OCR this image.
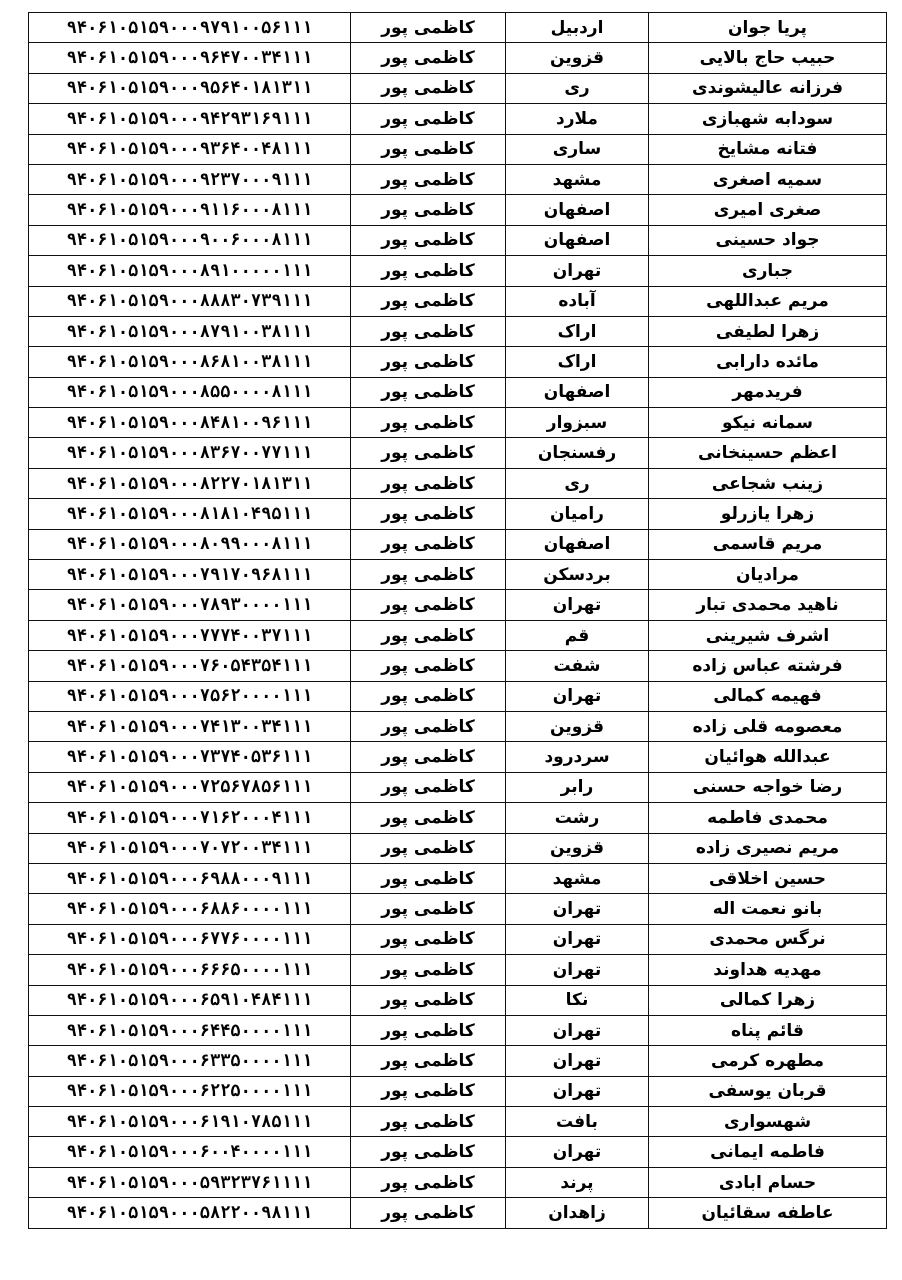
پریا جوان	اردبیل	کاظمی پور	۹۴۰۶۱۰۵۱۵۹۰۰۰۹۷۹۱۰۰۵۶۱۱۱
حبیب حاج بالایی	قزوین	کاظمی پور	۹۴۰۶۱۰۵۱۵۹۰۰۰۹۶۴۷۰۰۳۴۱۱۱
فرزانه عالیشوندی	ری	کاظمی پور	۹۴۰۶۱۰۵۱۵۹۰۰۰۹۵۶۴۰۱۸۱۳۱۱
سودابه شهبازی	ملارد	کاظمی پور	۹۴۰۶۱۰۵۱۵۹۰۰۰۹۴۲۹۳۱۶۹۱۱۱
فتانه مشایخ	ساری	کاظمی پور	۹۴۰۶۱۰۵۱۵۹۰۰۰۹۳۶۴۰۰۴۸۱۱۱
سمیه اصغری	مشهد	کاظمی پور	۹۴۰۶۱۰۵۱۵۹۰۰۰۹۲۳۷۰۰۰۹۱۱۱
صغری امیری	اصفهان	کاظمی پور	۹۴۰۶۱۰۵۱۵۹۰۰۰۹۱۱۶۰۰۰۸۱۱۱
جواد حسینی	اصفهان	کاظمی پور	۹۴۰۶۱۰۵۱۵۹۰۰۰۹۰۰۶۰۰۰۸۱۱۱
جباری	تهران	کاظمی پور	۹۴۰۶۱۰۵۱۵۹۰۰۰۸۹۱۰۰۰۰۰۱۱۱
مریم عبداللهی	آباده	کاظمی پور	۹۴۰۶۱۰۵۱۵۹۰۰۰۸۸۸۳۰۷۳۹۱۱۱
زهرا لطیفی	اراک	کاظمی پور	۹۴۰۶۱۰۵۱۵۹۰۰۰۸۷۹۱۰۰۳۸۱۱۱
مائده دارابی	اراک	کاظمی پور	۹۴۰۶۱۰۵۱۵۹۰۰۰۸۶۸۱۰۰۳۸۱۱۱
فریدمهر	اصفهان	کاظمی پور	۹۴۰۶۱۰۵۱۵۹۰۰۰۸۵۵۰۰۰۰۸۱۱۱
سمانه نیکو	سبزوار	کاظمی پور	۹۴۰۶۱۰۵۱۵۹۰۰۰۸۴۸۱۰۰۹۶۱۱۱
اعظم حسینخانی	رفسنجان	کاظمی پور	۹۴۰۶۱۰۵۱۵۹۰۰۰۸۳۶۷۰۰۷۷۱۱۱
زینب شجاعی	ری	کاظمی پور	۹۴۰۶۱۰۵۱۵۹۰۰۰۸۲۲۷۰۱۸۱۳۱۱
زهرا یازرلو	رامیان	کاظمی پور	۹۴۰۶۱۰۵۱۵۹۰۰۰۸۱۸۱۰۴۹۵۱۱۱
مریم قاسمی	اصفهان	کاظمی پور	۹۴۰۶۱۰۵۱۵۹۰۰۰۸۰۹۹۰۰۰۸۱۱۱
مرادیان	بردسکن	کاظمی پور	۹۴۰۶۱۰۵۱۵۹۰۰۰۷۹۱۷۰۹۶۸۱۱۱
ناهید محمدی تبار	تهران	کاظمی پور	۹۴۰۶۱۰۵۱۵۹۰۰۰۷۸۹۳۰۰۰۰۱۱۱
اشرف شیرینی	قم	کاظمی پور	۹۴۰۶۱۰۵۱۵۹۰۰۰۷۷۷۴۰۰۳۷۱۱۱
فرشته عباس زاده	شفت	کاظمی پور	۹۴۰۶۱۰۵۱۵۹۰۰۰۷۶۰۵۴۳۵۴۱۱۱
فهیمه کمالی	تهران	کاظمی پور	۹۴۰۶۱۰۵۱۵۹۰۰۰۷۵۶۲۰۰۰۰۱۱۱
معصومه قلی زاده	قزوین	کاظمی پور	۹۴۰۶۱۰۵۱۵۹۰۰۰۷۴۱۳۰۰۳۴۱۱۱
عبدالله هوائیان	سردرود	کاظمی پور	۹۴۰۶۱۰۵۱۵۹۰۰۰۷۳۷۴۰۵۳۶۱۱۱
رضا خواجه حسنی	رابر	کاظمی پور	۹۴۰۶۱۰۵۱۵۹۰۰۰۷۲۵۶۷۸۵۶۱۱۱
محمدی فاطمه	رشت	کاظمی پور	۹۴۰۶۱۰۵۱۵۹۰۰۰۷۱۶۲۰۰۰۴۱۱۱
مریم نصیری زاده	قزوین	کاظمی پور	۹۴۰۶۱۰۵۱۵۹۰۰۰۷۰۷۲۰۰۳۴۱۱۱
حسین اخلاقی	مشهد	کاظمی پور	۹۴۰۶۱۰۵۱۵۹۰۰۰۶۹۸۸۰۰۰۹۱۱۱
بانو نعمت اله	تهران	کاظمی پور	۹۴۰۶۱۰۵۱۵۹۰۰۰۶۸۸۶۰۰۰۰۱۱۱
نرگس محمدی	تهران	کاظمی پور	۹۴۰۶۱۰۵۱۵۹۰۰۰۶۷۷۶۰۰۰۰۱۱۱
مهدیه هداوند	تهران	کاظمی پور	۹۴۰۶۱۰۵۱۵۹۰۰۰۶۶۶۵۰۰۰۰۱۱۱
زهرا کمالی	نکا	کاظمی پور	۹۴۰۶۱۰۵۱۵۹۰۰۰۶۵۹۱۰۴۸۴۱۱۱
قائم پناه	تهران	کاظمی پور	۹۴۰۶۱۰۵۱۵۹۰۰۰۶۴۴۵۰۰۰۰۱۱۱
مطهره کرمی	تهران	کاظمی پور	۹۴۰۶۱۰۵۱۵۹۰۰۰۶۳۳۵۰۰۰۰۱۱۱
قربان یوسفی	تهران	کاظمی پور	۹۴۰۶۱۰۵۱۵۹۰۰۰۶۲۲۵۰۰۰۰۱۱۱
شهسواری	بافت	کاظمی پور	۹۴۰۶۱۰۵۱۵۹۰۰۰۶۱۹۱۰۷۸۵۱۱۱
فاطمه ایمانی	تهران	کاظمی پور	۹۴۰۶۱۰۵۱۵۹۰۰۰۶۰۰۴۰۰۰۰۱۱۱
حسام ابادی	پرند	کاظمی پور	۹۴۰۶۱۰۵۱۵۹۰۰۰۵۹۳۲۳۷۶۱۱۱۱
عاطفه سقائیان	زاهدان	کاظمی پور	۹۴۰۶۱۰۵۱۵۹۰۰۰۵۸۲۲۰۰۹۸۱۱۱
